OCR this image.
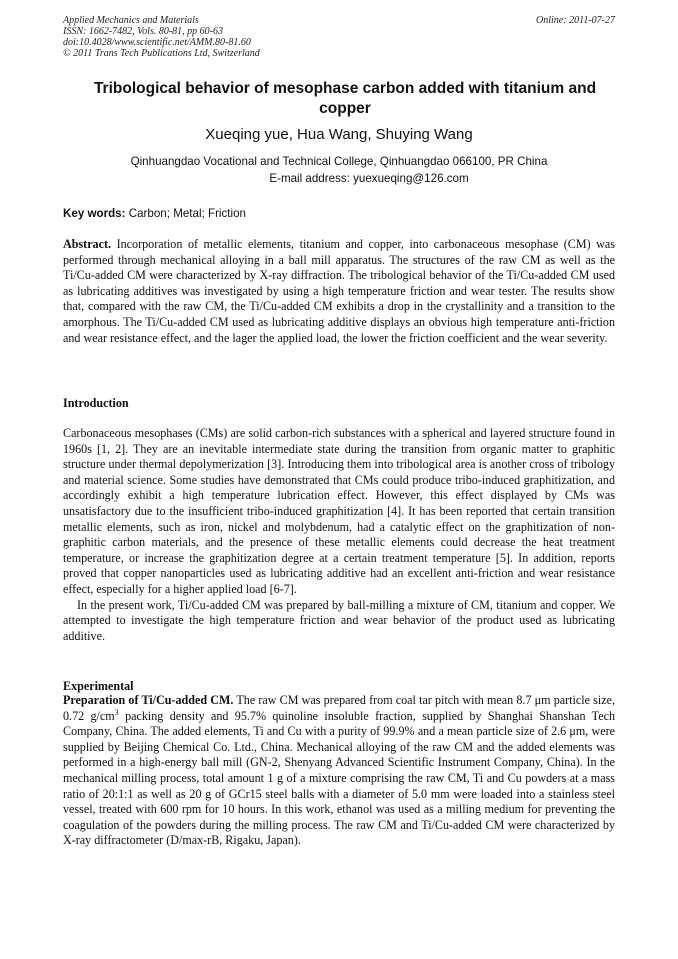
Applied Mechanics and Materials
ISSN: 1662-7482, Vols. 80-81, pp 60-63
doi:10.4028/www.scientific.net/AMM.80-81.60
© 2011 Trans Tech Publications Ltd, Switzerland
Online: 2011-07-27
Tribological behavior of mesophase carbon added with titanium and copper
Xueqing yue, Hua Wang, Shuying Wang
Qinhuangdao Vocational and Technical College, Qinhuangdao 066100, PR China
E-mail address: yuexueqing@126.com
Key words: Carbon; Metal; Friction
Abstract. Incorporation of metallic elements, titanium and copper, into carbonaceous mesophase (CM) was performed through mechanical alloying in a ball mill apparatus. The structures of the raw CM as well as the Ti/Cu-added CM were characterized by X-ray diffraction. The tribological behavior of the Ti/Cu-added CM used as lubricating additives was investigated by using a high temperature friction and wear tester. The results show that, compared with the raw CM, the Ti/Cu-added CM exhibits a drop in the crystallinity and a transition to the amorphous. The Ti/Cu-added CM used as lubricating additive displays an obvious high temperature anti-friction and wear resistance effect, and the lager the applied load, the lower the friction coefficient and the wear severity.
Introduction

Carbonaceous mesophases (CMs) are solid carbon-rich substances with a spherical and layered structure found in 1960s [1, 2]. They are an inevitable intermediate state during the transition from organic matter to graphitic structure under thermal depolymerization [3]. Introducing them into tribological area is another cross of tribology and material science. Some studies have demonstrated that CMs could produce tribo-induced graphitization, and accordingly exhibit a high temperature lubrication effect. However, this effect displayed by CMs was unsatisfactory due to the insufficient tribo-induced graphitization [4]. It has been reported that certain transition metallic elements, such as iron, nickel and molybdenum, had a catalytic effect on the graphitization of non-graphitic carbon materials, and the presence of these metallic elements could decrease the heat treatment temperature, or increase the graphitization degree at a certain treatment temperature [5]. In addition, reports proved that copper nanoparticles used as lubricating additive had an excellent anti-friction and wear resistance effect, especially for a higher applied load [6-7].

In the present work, Ti/Cu-added CM was prepared by ball-milling a mixture of CM, titanium and copper. We attempted to investigate the high temperature friction and wear behavior of the product used as lubricating additive.

Experimental
Preparation of Ti/Cu-added CM. The raw CM was prepared from coal tar pitch with mean 8.7 μm particle size, 0.72 $g/cm^3$ packing density and 95.7% quinoline insoluble fraction, supplied by Shanghai Shanshan Tech Company, China. The added elements, Ti and Cu with a purity of 99.9% and a mean particle size of 2.6 μm, were supplied by Beijing Chemical Co. Ltd., China. Mechanical alloying of the raw CM and the added elements was performed in a high-energy ball mill (GN-2, Shenyang Advanced Scientific Instrument Company, China). In the mechanical milling process, total amount 1 g of a mixture comprising the raw CM, Ti and Cu powders at a mass ratio of 20:1:1 as well as 20 g of GCr15 steel balls with a diameter of 5.0 mm were loaded into a stainless steel vessel, treated with 600 rpm for 10 hours. In this work, ethanol was used as a milling medium for preventing the coagulation of the powders during the milling process. The raw CM and Ti/Cu-added CM were characterized by X-ray diffractometer (D/max-rB, Rigaku, Japan).
